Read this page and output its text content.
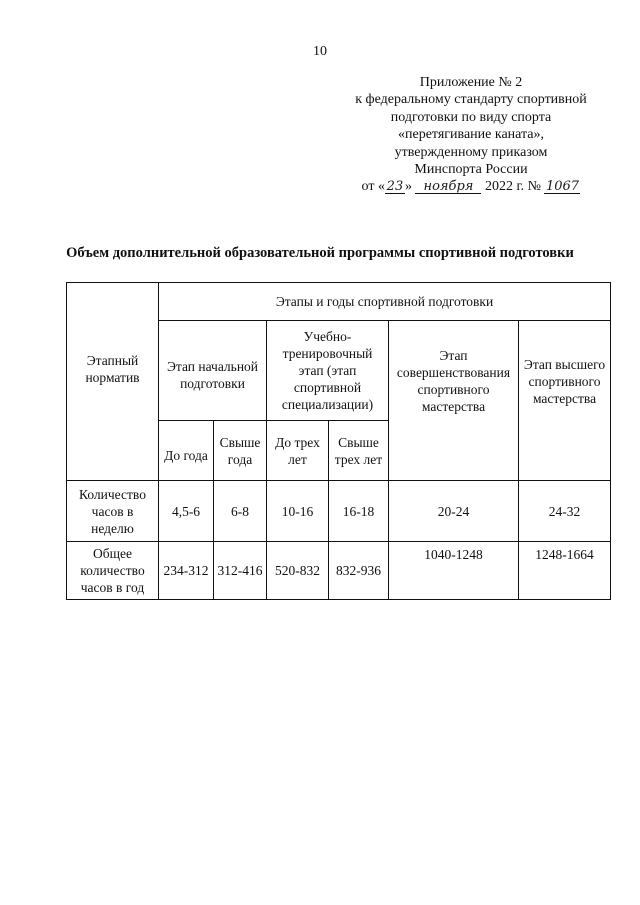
10
Приложение № 2
к федеральному стандарту спортивной
подготовки по виду спорта
«перетягивание каната»,
утвержденному приказом
Минспорта России
от « 23 » ноября 2022 г. № 1067
Объем дополнительной образовательной программы спортивной подготовки
Этапный норматив	Этапы и годы спортивной подготовки					
	Этап начальной подготовки		Учебно-тренировочный этап (этап спортивной специализации)		Этап совершенствования спортивного мастерства	Этап высшего спортивного мастерства
	До года	Свыше года	До трех лет	Свыше трех лет		
Количество часов в неделю	4,5-6	6-8	10-16	16-18	20-24	24-32
Общее количество часов в год	234-312	312-416	520-832	832-936	1040-1248	1248-1664
